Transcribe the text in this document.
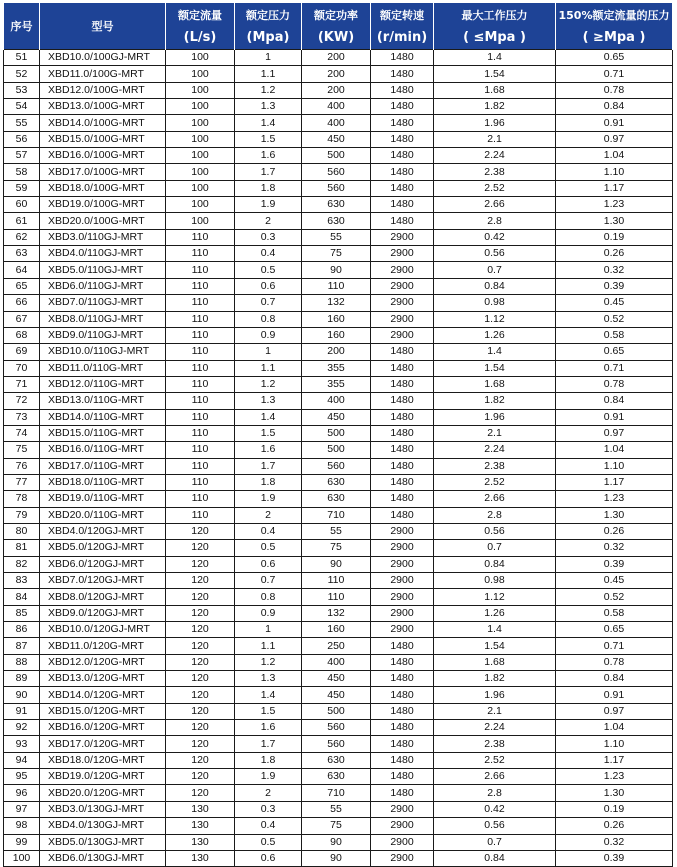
序号	型号	额定流量	额定压力	额定功率	额定转速	最大工作压力	150%额定流量的压力
		(L/s)	(Mpa)	(KW)	(r/min)	( ≤Mpa )	( ≥Mpa )
51	XBD10.0/100GJ-MRT	100	1	200	1480	1.4	0.65
52	XBD11.0/100G-MRT	100	1.1	200	1480	1.54	0.71
53	XBD12.0/100G-MRT	100	1.2	200	1480	1.68	0.78
54	XBD13.0/100G-MRT	100	1.3	400	1480	1.82	0.84
55	XBD14.0/100G-MRT	100	1.4	400	1480	1.96	0.91
56	XBD15.0/100G-MRT	100	1.5	450	1480	2.1	0.97
57	XBD16.0/100G-MRT	100	1.6	500	1480	2.24	1.04
58	XBD17.0/100G-MRT	100	1.7	560	1480	2.38	1.10
59	XBD18.0/100G-MRT	100	1.8	560	1480	2.52	1.17
60	XBD19.0/100G-MRT	100	1.9	630	1480	2.66	1.23
61	XBD20.0/100G-MRT	100	2	630	1480	2.8	1.30
62	XBD3.0/110GJ-MRT	110	0.3	55	2900	0.42	0.19
63	XBD4.0/110GJ-MRT	110	0.4	75	2900	0.56	0.26
64	XBD5.0/110GJ-MRT	110	0.5	90	2900	0.7	0.32
65	XBD6.0/110GJ-MRT	110	0.6	110	2900	0.84	0.39
66	XBD7.0/110GJ-MRT	110	0.7	132	2900	0.98	0.45
67	XBD8.0/110GJ-MRT	110	0.8	160	2900	1.12	0.52
68	XBD9.0/110GJ-MRT	110	0.9	160	2900	1.26	0.58
69	XBD10.0/110GJ-MRT	110	1	200	1480	1.4	0.65
70	XBD11.0/110G-MRT	110	1.1	355	1480	1.54	0.71
71	XBD12.0/110G-MRT	110	1.2	355	1480	1.68	0.78
72	XBD13.0/110G-MRT	110	1.3	400	1480	1.82	0.84
73	XBD14.0/110G-MRT	110	1.4	450	1480	1.96	0.91
74	XBD15.0/110G-MRT	110	1.5	500	1480	2.1	0.97
75	XBD16.0/110G-MRT	110	1.6	500	1480	2.24	1.04
76	XBD17.0/110G-MRT	110	1.7	560	1480	2.38	1.10
77	XBD18.0/110G-MRT	110	1.8	630	1480	2.52	1.17
78	XBD19.0/110G-MRT	110	1.9	630	1480	2.66	1.23
79	XBD20.0/110G-MRT	110	2	710	1480	2.8	1.30
80	XBD4.0/120GJ-MRT	120	0.4	55	2900	0.56	0.26
81	XBD5.0/120GJ-MRT	120	0.5	75	2900	0.7	0.32
82	XBD6.0/120GJ-MRT	120	0.6	90	2900	0.84	0.39
83	XBD7.0/120GJ-MRT	120	0.7	110	2900	0.98	0.45
84	XBD8.0/120GJ-MRT	120	0.8	110	2900	1.12	0.52
85	XBD9.0/120GJ-MRT	120	0.9	132	2900	1.26	0.58
86	XBD10.0/120GJ-MRT	120	1	160	2900	1.4	0.65
87	XBD11.0/120G-MRT	120	1.1	250	1480	1.54	0.71
88	XBD12.0/120G-MRT	120	1.2	400	1480	1.68	0.78
89	XBD13.0/120G-MRT	120	1.3	450	1480	1.82	0.84
90	XBD14.0/120G-MRT	120	1.4	450	1480	1.96	0.91
91	XBD15.0/120G-MRT	120	1.5	500	1480	2.1	0.97
92	XBD16.0/120G-MRT	120	1.6	560	1480	2.24	1.04
93	XBD17.0/120G-MRT	120	1.7	560	1480	2.38	1.10
94	XBD18.0/120G-MRT	120	1.8	630	1480	2.52	1.17
95	XBD19.0/120G-MRT	120	1.9	630	1480	2.66	1.23
96	XBD20.0/120G-MRT	120	2	710	1480	2.8	1.30
97	XBD3.0/130GJ-MRT	130	0.3	55	2900	0.42	0.19
98	XBD4.0/130GJ-MRT	130	0.4	75	2900	0.56	0.26
99	XBD5.0/130GJ-MRT	130	0.5	90	2900	0.7	0.32
100	XBD6.0/130GJ-MRT	130	0.6	90	2900	0.84	0.39
